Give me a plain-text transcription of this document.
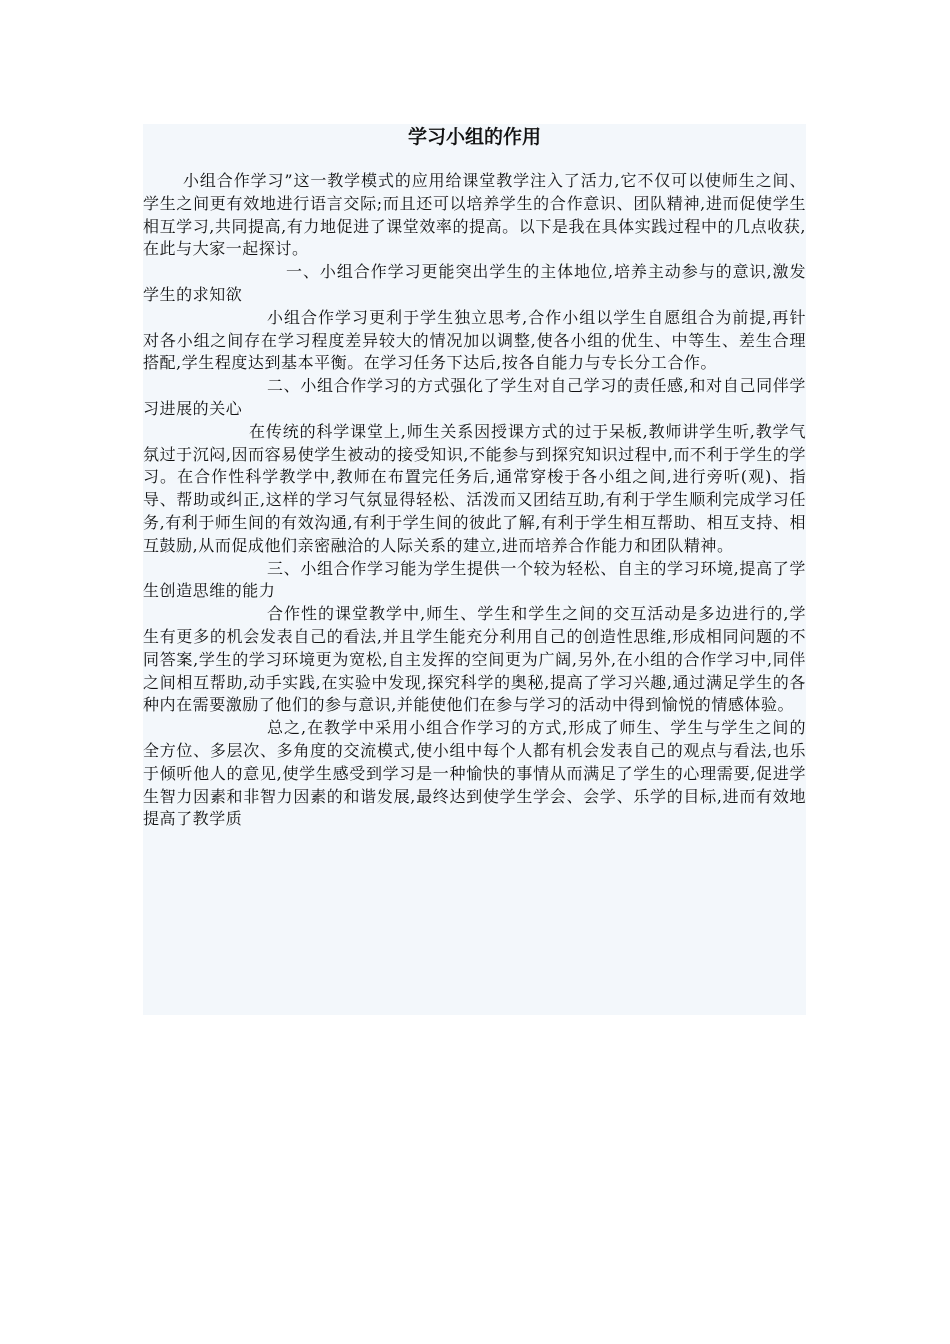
学习小组的作用

小组合作学习”这一教学模式的应用给课堂教学注入了活力,它不仅可以使师生之间、学生之间更有效地进行语言交际;而且还可以培养学生的合作意识、团队精神,进而促使学生相互学习,共同提高,有力地促进了课堂效率的提高。以下是我在具体实践过程中的几点收获,在此与大家一起探讨。

一、小组合作学习更能突出学生的主体地位,培养主动参与的意识,激发学生的求知欲

小组合作学习更利于学生独立思考,合作小组以学生自愿组合为前提,再针对各小组之间存在学习程度差异较大的情况加以调整,使各小组的优生、中等生、差生合理搭配,学生程度达到基本平衡。在学习任务下达后,按各自能力与专长分工合作。

二、小组合作学习的方式强化了学生对自己学习的责任感,和对自己同伴学习进展的关心

在传统的科学课堂上,师生关系因授课方式的过于呆板,教师讲学生听,教学气氛过于沉闷,因而容易使学生被动的接受知识,不能参与到探究知识过程中,而不利于学生的学习。在合作性科学教学中,教师在布置完任务后,通常穿梭于各小组之间,进行旁听(观)、指导、帮助或纠正,这样的学习气氛显得轻松、活泼而又团结互助,有利于学生顺利完成学习任务,有利于师生间的有效沟通,有利于学生间的彼此了解,有利于学生相互帮助、相互支持、相互鼓励,从而促成他们亲密融洽的人际关系的建立,进而培养合作能力和团队精神。

三、小组合作学习能为学生提供一个较为轻松、自主的学习环境,提高了学生创造思维的能力

合作性的课堂教学中,师生、学生和学生之间的交互活动是多边进行的,学生有更多的机会发表自己的看法,并且学生能充分利用自己的创造性思维,形成相同问题的不同答案,学生的学习环境更为宽松,自主发挥的空间更为广阔,另外,在小组的合作学习中,同伴之间相互帮助,动手实践,在实验中发现,探究科学的奥秘,提高了学习兴趣,通过满足学生的各种内在需要激励了他们的参与意识,并能使他们在参与学习的活动中得到愉悦的情感体验。

总之,在教学中采用小组合作学习的方式,形成了师生、学生与学生之间的全方位、多层次、多角度的交流模式,使小组中每个人都有机会发表自己的观点与看法,也乐于倾听他人的意见,使学生感受到学习是一种愉快的事情从而满足了学生的心理需要,促进学生智力因素和非智力因素的和谐发展,最终达到使学生学会、会学、乐学的目标,进而有效地提高了教学质
